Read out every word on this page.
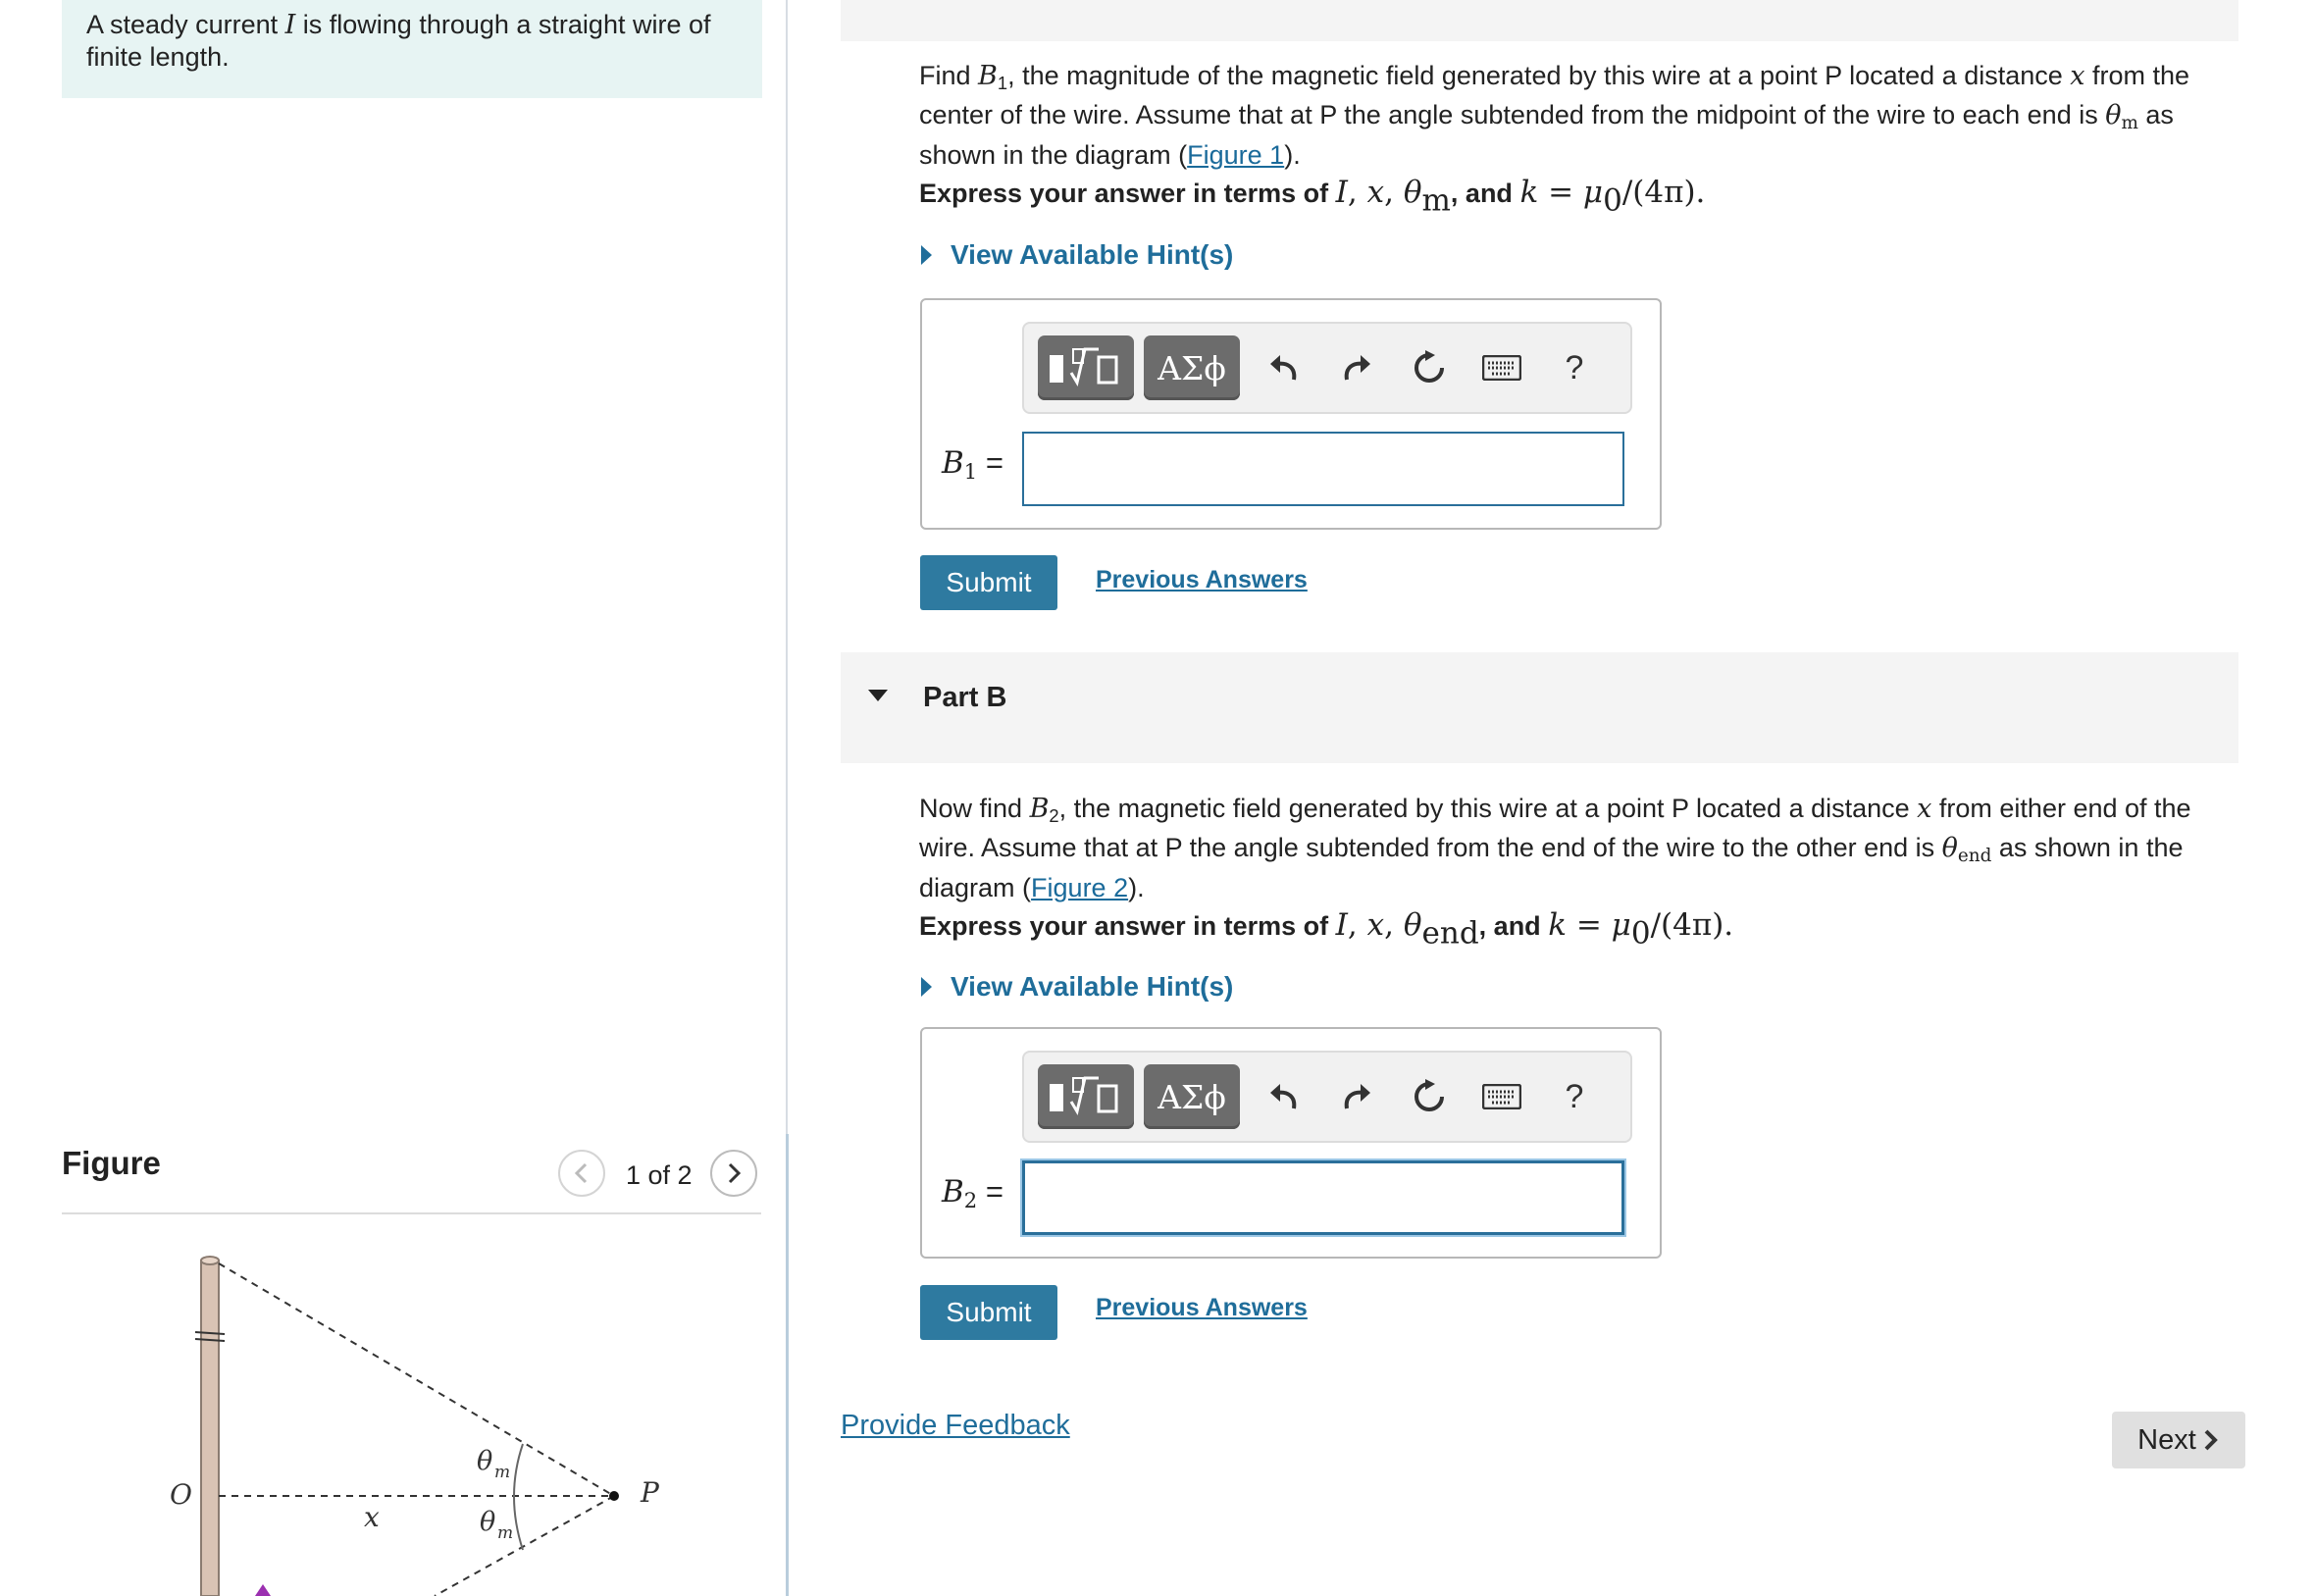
A steady current I is flowing through a straight wire of finite length.
Figure	1 of 2
O
x
P
θ m
θ m
Find $B_1$, the magnitude of the magnetic field generated by this wire at a point P located a distance x from the center of the wire. Assume that at P the angle subtended from the midpoint of the wire to each end is $\theta_m$ as shown in the diagram (Figure 1).
Express your answer in terms of I, x, $\theta_m$, and $k = \mu_0/(4\pi)$.
View Available Hint(s)
ΑΣϕ	?
$B_1$ =
Submit	Previous Answers
Part B
Now find $B_2$, the magnetic field generated by this wire at a point P located a distance x from either end of the wire. Assume that at P the angle subtended from the end of the wire to the other end is $\theta_{end}$ as shown in the diagram (Figure 2).
Express your answer in terms of I, x, $\theta_{end}$, and $k = \mu_0/(4\pi)$.
View Available Hint(s)
ΑΣϕ	?
$B_2$ =
Submit	Previous Answers
Provide Feedback	Next
